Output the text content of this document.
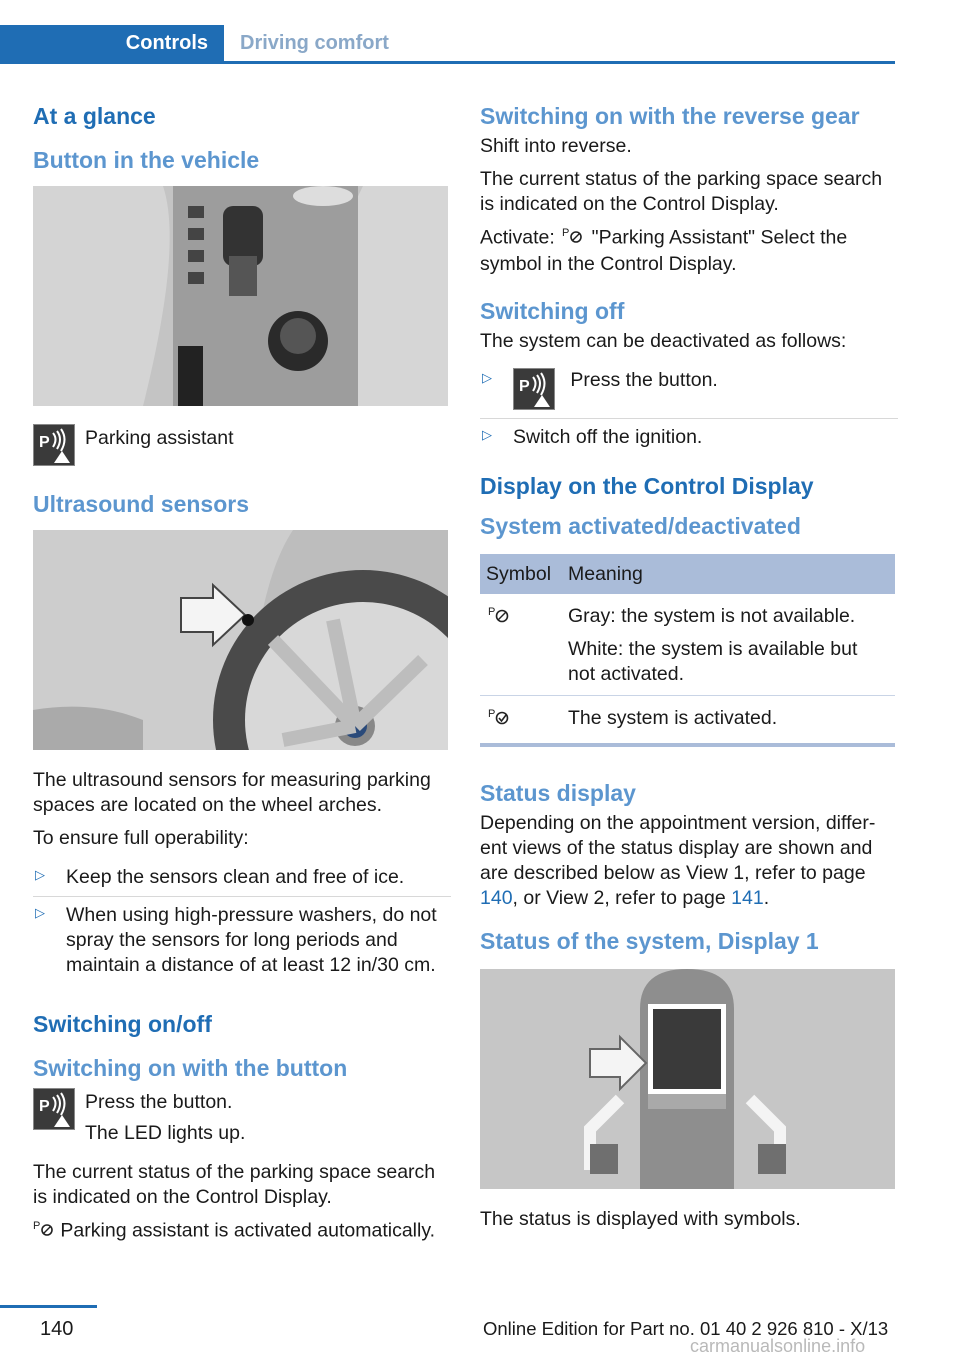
Controls	Driving comfort
At a glance
Button in the vehicle
P Parking assistant
Ultrasound sensors

The ultrasound sensors for measuring parking spaces are located on the wheel arches.

To ensure full operability:

▷ Keep the sensors clean and free of ice.
▷ When using high-pressure washers, do not spray the sensors for long periods and maintain a distance of at least 12 in/30 cm.
Switching on/off
Switching on with the button
P Press the button.
The LED lights up.

The current status of the parking space search is indicated on the Control Display.

P Parking assistant is activated automatically.

Switching on with the reverse gear

Shift into reverse.

The current status of the parking space search is indicated on the Control Display.

Activate: P "Parking Assistant" Select the symbol in the Control Display.

Switching off

The system can be deactivated as follows:

▷
P Press the button.
▷ Switch off the ignition.
Display on the Control Display
System activated/deactivated
Symbol	Meaning

P	Gray: the system is not available.
White: the system is available but not activated.

P	The system is activated.
Status display

Depending on the appointment version, differ-ent views of the status display are shown and are described below as View 1, refer to page 140, or View 2, refer to page 141.

Status of the system, Display 1

The status is displayed with symbols.

140	Online Edition for Part no. 01 40 2 926 810 - X/13
carmanualsonline.info
